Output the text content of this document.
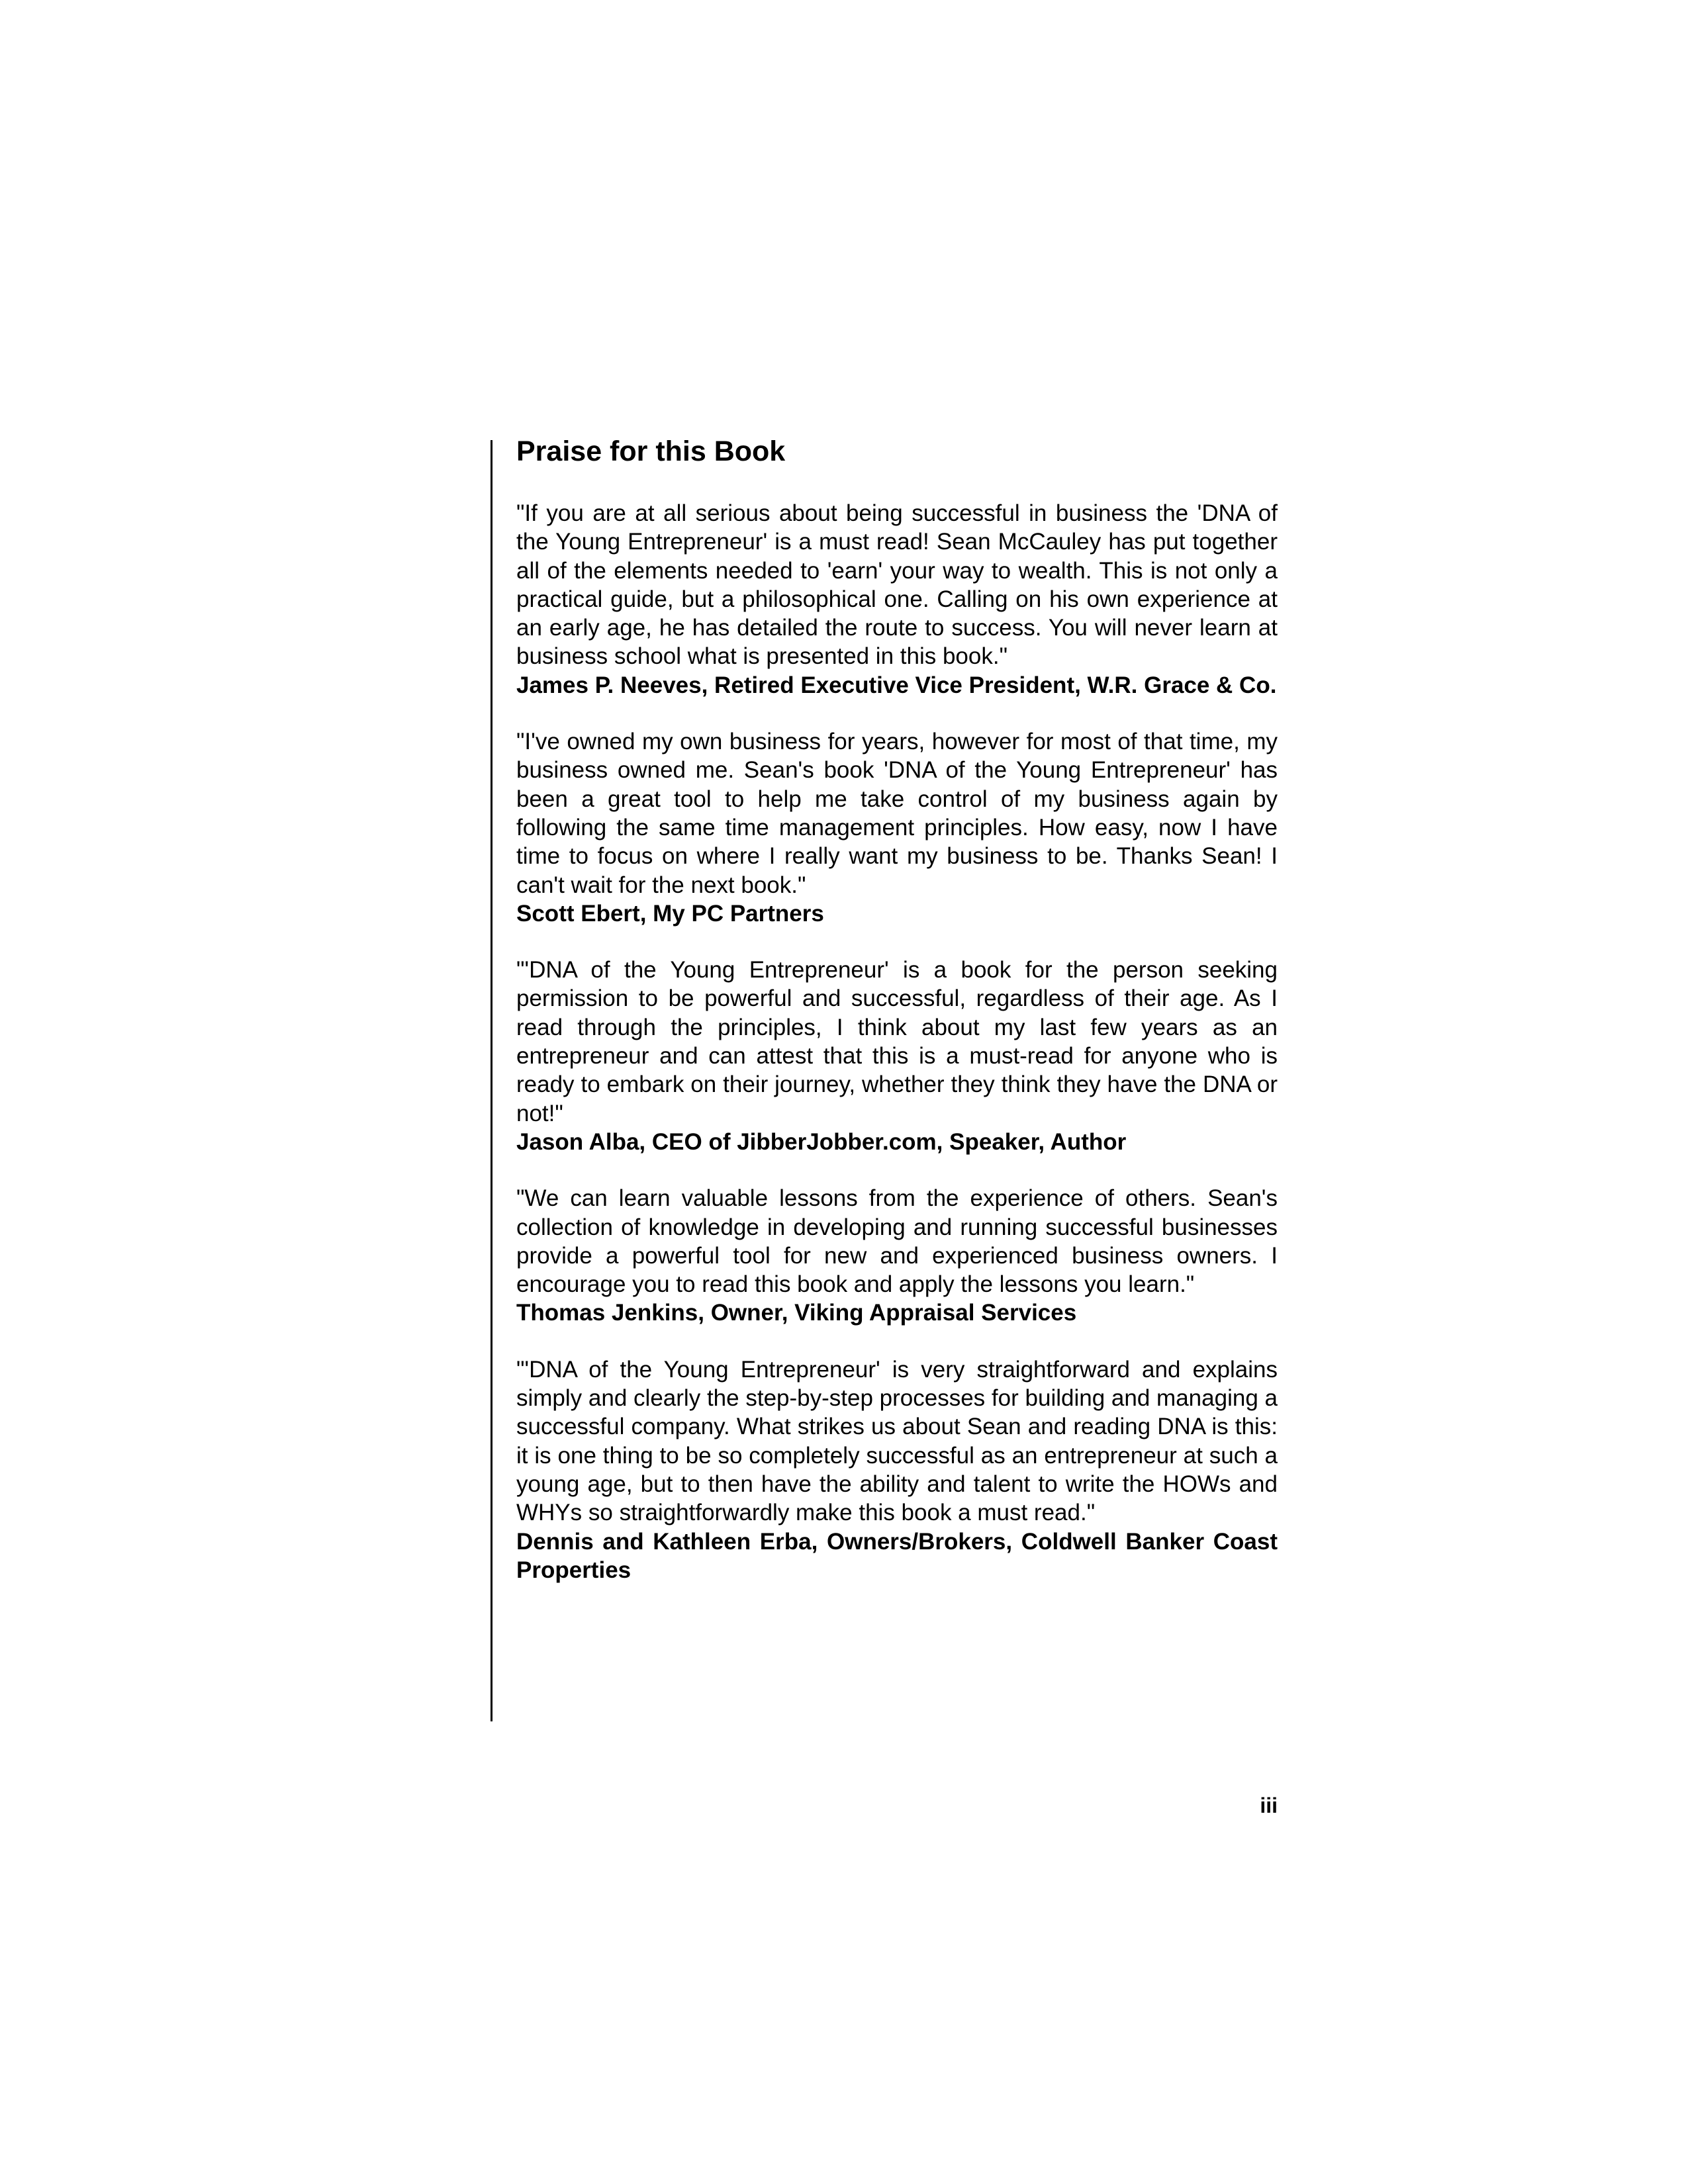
Praise for this Book

"If you are at all serious about being successful in business the 'DNA of the Young Entrepreneur' is a must read! Sean McCauley has put together all of the elements needed to 'earn' your way to wealth. This is not only a practical guide, but a philosophical one. Calling on his own experience at an early age, he has detailed the route to success. You will never learn at business school what is presented in this book."

James P. Neeves, Retired Executive Vice President, W.R. Grace & Co.

"I've owned my own business for years, however for most of that time, my business owned me. Sean's book 'DNA of the Young Entrepreneur' has been a great tool to help me take control of my business again by following the same time management principles. How easy, now I have time to focus on where I really want my business to be. Thanks Sean! I can't wait for the next book."

Scott Ebert, My PC Partners

"'DNA of the Young Entrepreneur' is a book for the person seeking permission to be powerful and successful, regardless of their age. As I read through the principles, I think about my last few years as an entrepreneur and can attest that this is a must-read for anyone who is ready to embark on their journey, whether they think they have the DNA or not!"

Jason Alba, CEO of JibberJobber.com, Speaker, Author

"We can learn valuable lessons from the experience of others. Sean's collection of knowledge in developing and running successful businesses provide a powerful tool for new and experienced business owners. I encourage you to read this book and apply the lessons you learn."

Thomas Jenkins, Owner, Viking Appraisal Services

"'DNA of the Young Entrepreneur' is very straightforward and explains simply and clearly the step-by-step processes for building and managing a successful company. What strikes us about Sean and reading DNA is this: it is one thing to be so completely successful as an entrepreneur at such a young age, but to then have the ability and talent to write the HOWs and WHYs so straightforwardly make this book a must read."

Dennis and Kathleen Erba, Owners/Brokers, Coldwell Banker Coast Properties

iii
